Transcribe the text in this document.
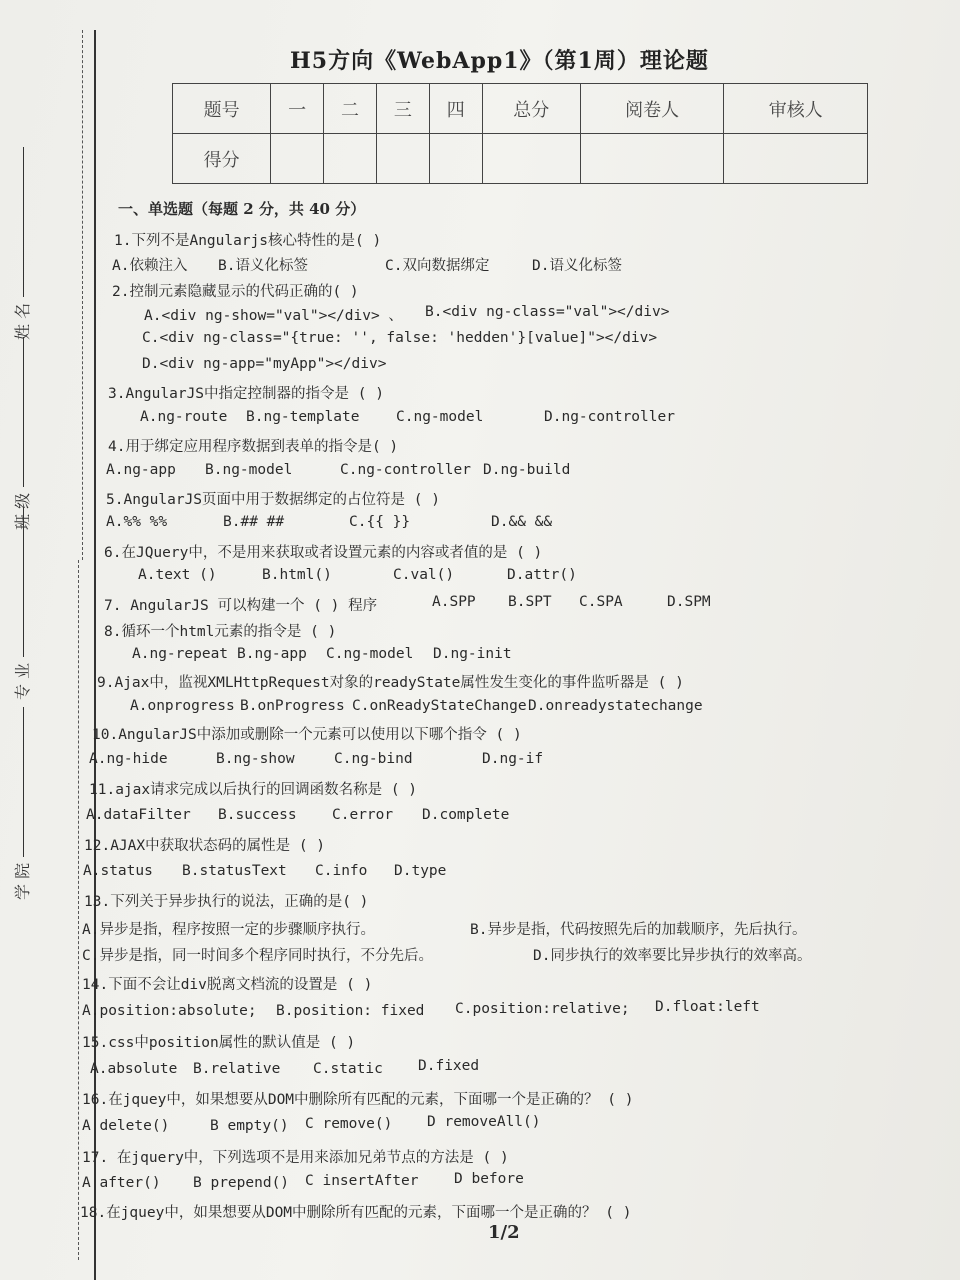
姓 名
班 级
专 业
学 院
H5方向《WebApp1》（第1周）理论题
题号	一	二	三	四	总分	阅卷人	审核人
得分							
一、单选题（每题 2 分，共 40 分）
1.下列不是Angularjs核心特性的是( )
A.依赖注入 B.语义化标签	C.双向数据绑定	D.语义化标签
2.控制元素隐藏显示的代码正确的( )
A.<div ng-show="val"></div> 、 B.<div ng-class="val"></div>
C.<div ng-class="{true: '', false: 'hedden'}[value]"></div>
D.<div ng-app="myApp"></div>
3.AngularJS中指定控制器的指令是 ( )
A.ng-route B.ng-template	C.ng-model	D.ng-controller
4.用于绑定应用程序数据到表单的指令是( )
A.ng-app B.ng-model	C.ng-controller D.ng-build
5.AngularJS页面中用于数据绑定的占位符是 ( )
A.%% %%	B.## ##	C.{{ }}	D.&& &&
6.在JQuery中，不是用来获取或者设置元素的内容或者值的是 ( )
A.text ()	B.html()	C.val()	D.attr()
7. AngularJS 可以构建一个 ( ) 程序	A.SPP B.SPT C.SPA	D.SPM
8.循环一个html元素的指令是 ( )
A.ng-repeat B.ng-app C.ng-model D.ng-init
9.Ajax中，监视XMLHttpRequest对象的readyState属性发生变化的事件监听器是 ( )
A.onprogress B.onProgress C.onReadyStateChange D.onreadystatechange
10.AngularJS中添加或删除一个元素可以使用以下哪个指令 ( )
A.ng-hide	B.ng-show	C.ng-bind	D.ng-if
11.ajax请求完成以后执行的回调函数名称是 ( )
A.dataFilter B.success C.error D.complete
12.AJAX中获取状态码的属性是 ( )
A.status B.statusText C.info D.type
13.下列关于异步执行的说法，正确的是( )
A.异步是指，程序按照一定的步骤顺序执行。	B.异步是指，代码按照先后的加载顺序，先后执行。
C.异步是指，同一时间多个程序同时执行，不分先后。	D.同步执行的效率要比异步执行的效率高。
14.下面不会让div脱离文档流的设置是 ( )
A.position:absolute; B.position: fixed C.position:relative; D.float:left
15.css中position属性的默认值是 ( )
A.absolute B.relative C.static D.fixed
16.在jquey中，如果想要从DOM中删除所有匹配的元素，下面哪一个是正确的？ ( )
A delete()	B empty() C remove() D removeAll()
17. 在jquery中，下列选项不是用来添加兄弟节点的方法是 ( )
A after() B prepend() C insertAfter D before
18.在jquey中，如果想要从DOM中删除所有匹配的元素，下面哪一个是正确的？ ( )
1/2
